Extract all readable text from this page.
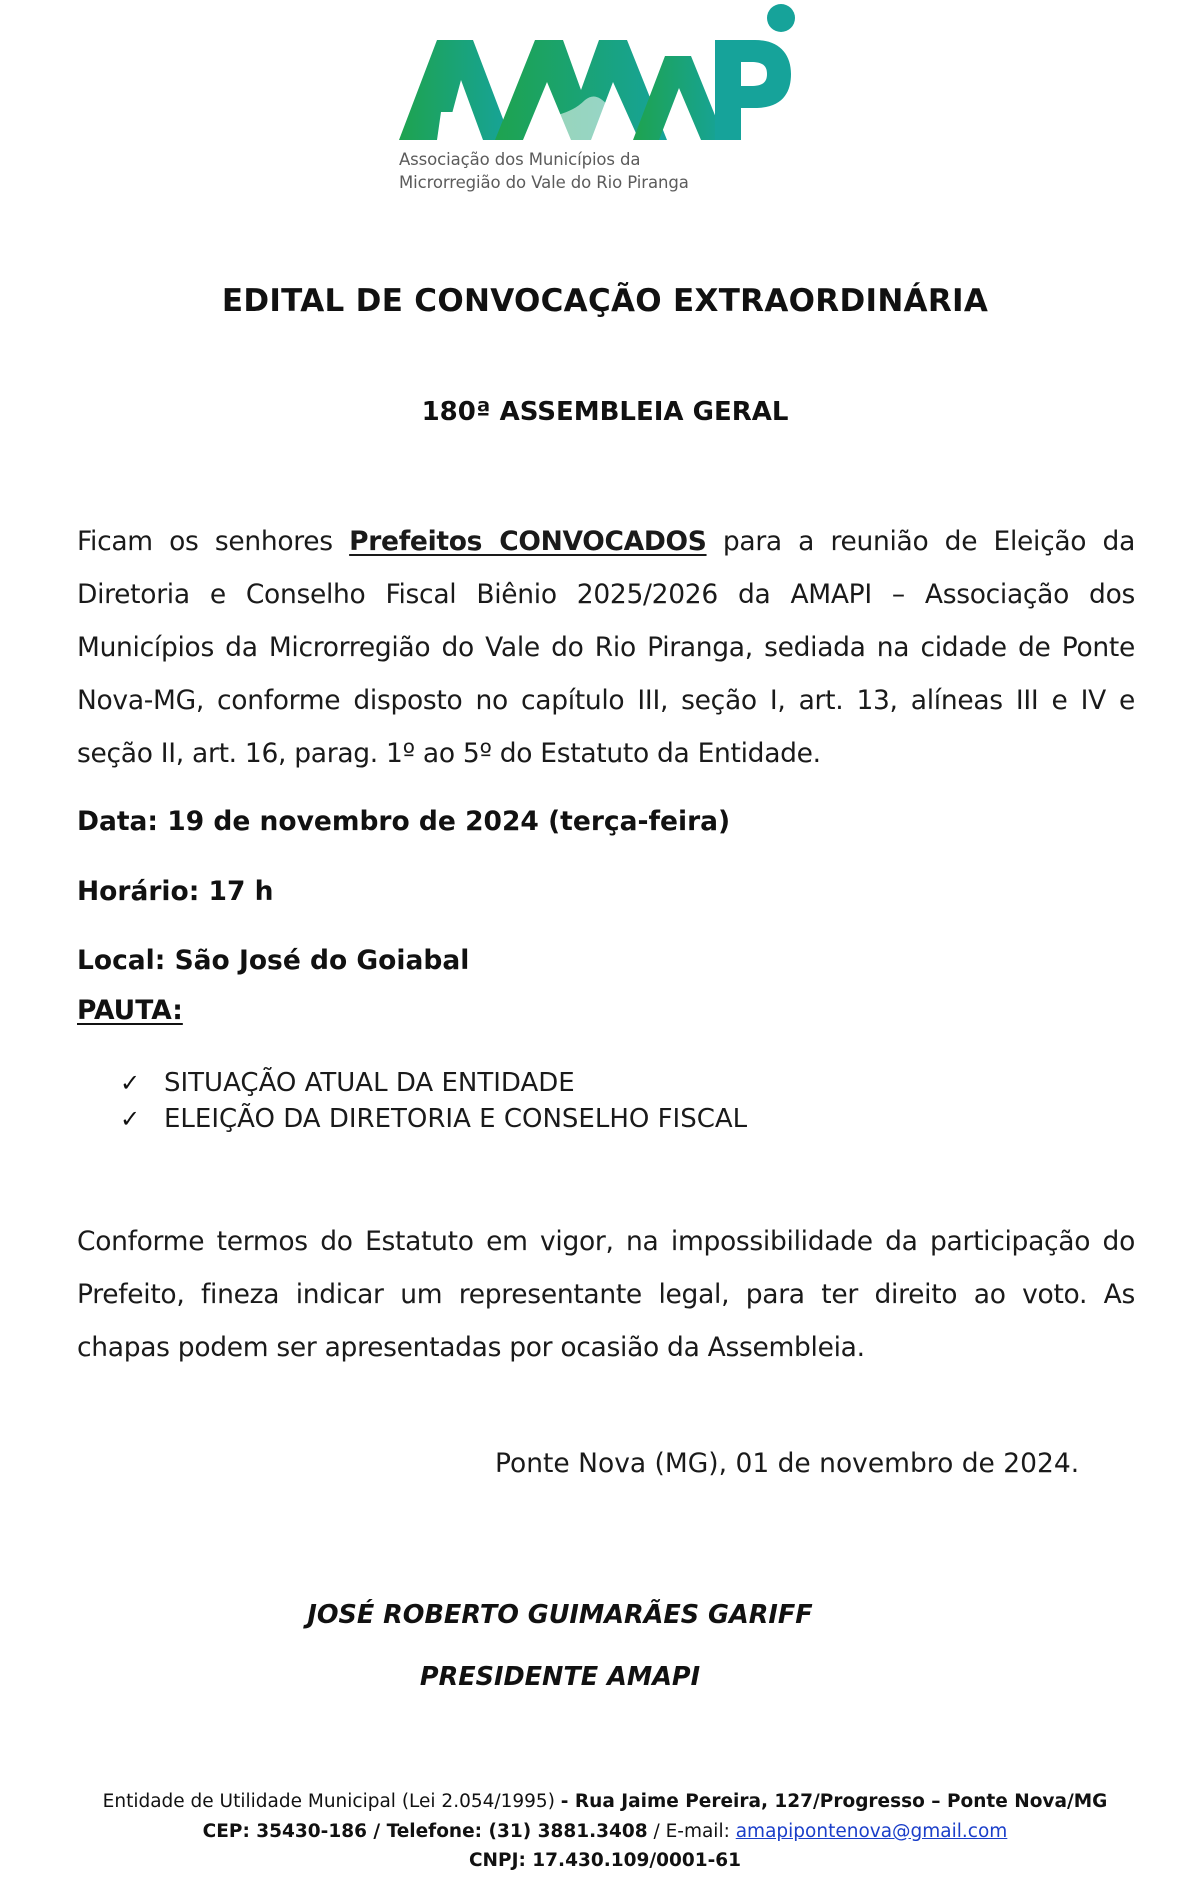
Associação dos Municípios da
Microrregião do Vale do Rio Piranga
EDITAL DE CONVOCAÇÃO EXTRAORDINÁRIA
180ª ASSEMBLEIA GERAL
Ficam os senhores Prefeitos CONVOCADOS para a reunião de Eleição da Diretoria e Conselho Fiscal Biênio 2025/2026 da AMAPI – Associação dos Municípios da Microrregião do Vale do Rio Piranga, sediada na cidade de Ponte Nova-MG, conforme disposto no capítulo III, seção I, art. 13, alíneas III e IV e seção II, art. 16, parag. 1º ao 5º do Estatuto da Entidade.
Data: 19 de novembro de 2024 (terça-feira)
Horário: 17 h
Local: São José do Goiabal
PAUTA:
✓ SITUAÇÃO ATUAL DA ENTIDADE
✓ ELEIÇÃO DA DIRETORIA E CONSELHO FISCAL
Conforme termos do Estatuto em vigor, na impossibilidade da participação do Prefeito, fineza indicar um representante legal, para ter direito ao voto. As chapas podem ser apresentadas por ocasião da Assembleia.
Ponte Nova (MG), 01 de novembro de 2024.
JOSÉ ROBERTO GUIMARÃES GARIFF
PRESIDENTE AMAPI
Entidade de Utilidade Municipal (Lei 2.054/1995) - Rua Jaime Pereira, 127/Progresso – Ponte Nova/MG
CEP: 35430-186 / Telefone: (31) 3881.3408 / E-mail: amapipontenova@gmail.com
CNPJ: 17.430.109/0001-61
